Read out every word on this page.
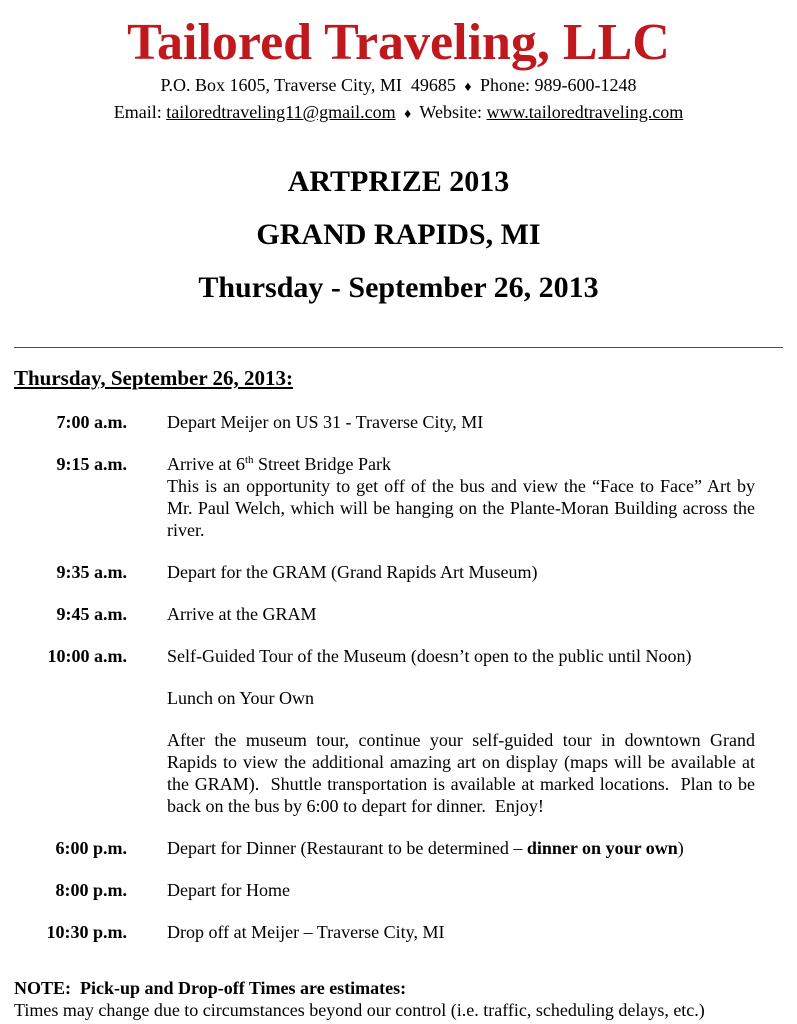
Tailored Traveling, LLC
P.O. Box 1605, Traverse City, MI  49685 ♦ Phone: 989-600-1248
Email: tailoredtraveling11@gmail.com ♦ Website: www.tailoredtraveling.com
ARTPRIZE 2013
GRAND RAPIDS, MI
Thursday - September 26, 2013
Thursday, September 26, 2013:
7:00 a.m. Depart Meijer on US 31 - Traverse City, MI
9:15 a.m. Arrive at 6th Street Bridge Park
This is an opportunity to get off of the bus and view the “Face to Face” Art by Mr. Paul Welch, which will be hanging on the Plante-Moran Building across the river.
9:35 a.m. Depart for the GRAM (Grand Rapids Art Museum)
9:45 a.m. Arrive at the GRAM
10:00 a.m. Self-Guided Tour of the Museum (doesn’t open to the public until Noon)
Lunch on Your Own
After the museum tour, continue your self-guided tour in downtown Grand Rapids to view the additional amazing art on display (maps will be available at the GRAM).  Shuttle transportation is available at marked locations.  Plan to be back on the bus by 6:00 to depart for dinner.  Enjoy!
6:00 p.m. Depart for Dinner (Restaurant to be determined – dinner on your own)
8:00 p.m. Depart for Home
10:30 p.m. Drop off at Meijer – Traverse City, MI
NOTE:  Pick-up and Drop-off Times are estimates:
Times may change due to circumstances beyond our control (i.e. traffic, scheduling delays, etc.)
